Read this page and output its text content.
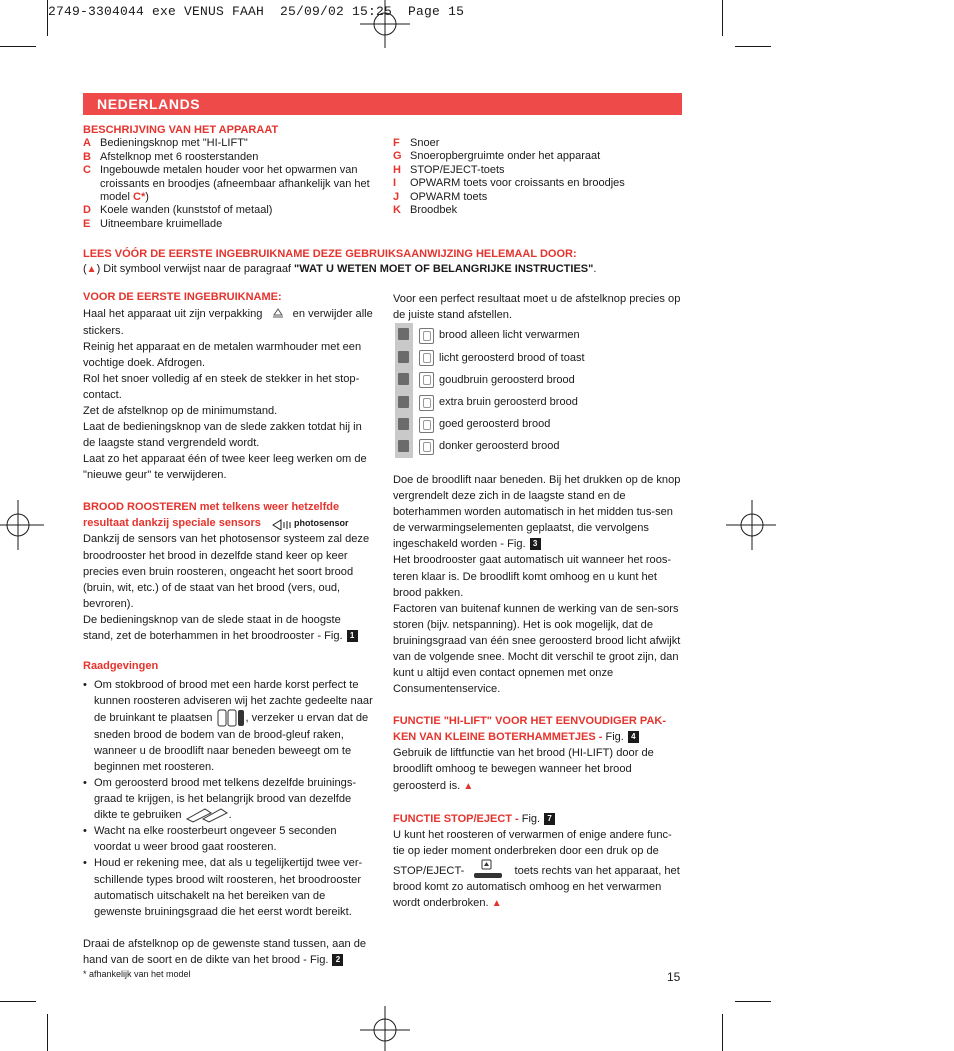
2749-3304044 exe VENUS FAAH  25/09/02 15:25  Page 15
NEDERLANDS
BESCHRIJVING VAN HET APPARAAT
A Bedieningsknop met "HI-LIFT"
B Afstelknop met 6 roosterstanden
C Ingebouwde metalen houder voor het opwarmen van croissants en broodjes (afneembaar afhankelijk van het model C*)
D Koele wanden (kunststof of metaal)
E Uitneembare kruimellade
F Snoer
G Snoeropbergruimte onder het apparaat
H STOP/EJECT-toets
I	OPWARM toets voor croissants en broodjes
J OPWARM toets
K Broodbek
LEES VÓÓR DE EERSTE INGEBRUIKNAME DEZE GEBRUIKSAANWIJZING HELEMAAL DOOR:
(▲) Dit symbool verwijst naar de paragraaf "WAT U WETEN MOET OF BELANGRIJKE INSTRUCTIES".
VOOR DE EERSTE INGEBRUIKNAME:
Haal het apparaat uit zijn verpakking	en verwijder alle stickers.
Reinig het apparaat en de metalen warmhouder met een vochtige doek. Afdrogen.
Rol het snoer volledig af en steek de stekker in het stop-contact.
Zet de afstelknop op de minimumstand.
Laat de bedieningsknop van de slede zakken totdat hij in de laagste stand vergrendeld wordt.
Laat zo het apparaat één of twee keer leeg werken om de "nieuwe geur" te verwijderen.
BROOD ROOSTEREN met telkens weer hetzelfde
resultaat dankzij speciale sensors	photosensor
Dankzij de sensors van het photosensor systeem zal deze broodrooster het brood in dezelfde stand keer op keer precies even bruin roosteren, ongeacht het soort brood (bruin, wit, etc.) of de staat van het brood (vers, oud, bevroren).
De bedieningsknop van de slede staat in de hoogste stand, zet de boterhammen in het broodrooster - Fig. 1
Raadgevingen
• Om stokbrood of brood met een harde korst perfect te kunnen roosteren adviseren wij het zachte gedeelte naar de bruinkant te plaatsen	, verzeker u ervan dat de sneden brood de bodem van de brood-gleuf raken, wanneer u de broodlift naar beneden beweegt om te beginnen met roosteren.
• Om geroosterd brood met telkens dezelfde bruinings-graad te krijgen, is het belangrijk brood van dezelfde dikte te gebruiken	.
• Wacht na elke roosterbeurt ongeveer 5 seconden voordat u weer brood gaat roosteren.
• Houd er rekening mee, dat als u tegelijkertijd twee ver-schillende types brood wilt roosteren, het broodrooster automatisch uitschakelt na het bereiken van de gewenste bruiningsgraad die het eerst wordt bereikt.
Draai de afstelknop op de gewenste stand tussen, aan de hand van de soort en de dikte van het brood - Fig. 2
* afhankelijk van het model	15
Voor een perfect resultaat moet u de afstelknop precies op de juiste stand afstellen.
brood alleen licht verwarmen
licht geroosterd brood of toast
goudbruin geroosterd brood
extra bruin geroosterd brood
goed geroosterd brood
donker geroosterd brood
Doe de broodlift naar beneden. Bij het drukken op de knop vergrendelt deze zich in de laagste stand en de boterhammen worden automatisch in het midden tus-sen de verwarmingselementen geplaatst, die vervolgens ingeschakeld worden - Fig. 3
Het broodrooster gaat automatisch uit wanneer het roos-teren klaar is. De broodlift komt omhoog en u kunt het brood pakken.
Factoren van buitenaf kunnen de werking van de sen-sors storen (bijv. netspanning). Het is ook mogelijk, dat de bruiningsgraad van één snee geroosterd brood licht afwijkt van de volgende snee. Mocht dit verschil te groot zijn, dan kunt u altijd even contact opnemen met onze Consumentenservice.
FUNCTIE "HI-LIFT" VOOR HET EENVOUDIGER PAK-
KEN VAN KLEINE BOTERHAMMETJES - Fig. 4
Gebruik de liftfunctie van het brood (HI-LIFT) door de broodlift omhoog te bewegen wanneer het brood geroosterd is. ▲
FUNCTIE STOP/EJECT - Fig. 7
U kunt het roosteren of verwarmen of enige andere func-tie op ieder moment onderbreken door een druk op de
STOP/EJECT-	toets rechts van het apparaat, het
brood komt zo automatisch omhoog en het verwarmen wordt onderbroken. ▲
